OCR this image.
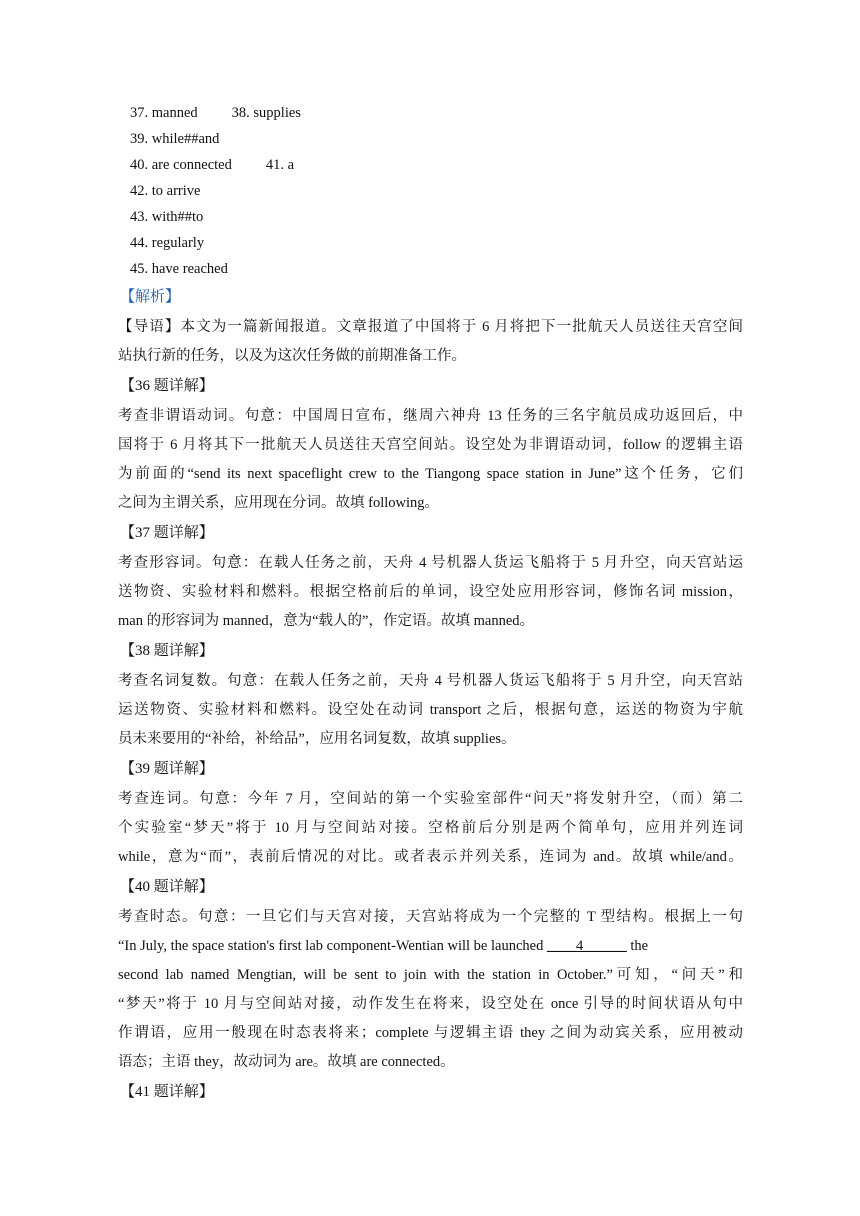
37. manned 38. supplies
39. while##and
40. are connected 41. a
42. to arrive
43. with##to
44. regularly
45. have reached
【解析】
【导语】本文为一篇新闻报道。文章报道了中国将于 6 月将把下一批航天人员送往天宫空间
站执行新的任务，以及为这次任务做的前期准备工作。
【36 题详解】
考查非谓语动词。句意：中国周日宣布，继周六神舟 13 任务的三名宇航员成功返回后，中
国将于 6 月将其下一批航天人员送往天宫空间站。设空处为非谓语动词，follow 的逻辑主语
为前面的“send its next spaceflight crew to the Tiangong space station in June”这个任务，它们
之间为主谓关系，应用现在分词。故填 following。
【37 题详解】
考查形容词。句意：在载人任务之前，天舟 4 号机器人货运飞船将于 5 月升空，向天宫站运
送物资、实验材料和燃料。根据空格前后的单词，设空处应用形容词，修饰名词 mission，
man 的形容词为 manned，意为“载人的”，作定语。故填 manned。
【38 题详解】
考查名词复数。句意：在载人任务之前，天舟 4 号机器人货运飞船将于 5 月升空，向天宫站
运送物资、实验材料和燃料。设空处在动词 transport 之后，根据句意，运送的物资为宇航
员未来要用的“补给，补给品”，应用名词复数，故填 supplies。
【39 题详解】
考查连词。句意：今年 7 月，空间站的第一个实验室部件“问天”将发射升空，（而）第二
个实验室“梦天”将于 10 月与空间站对接。空格前后分别是两个简单句，应用并列连词
while，意为“而”，表前后情况的对比。或者表示并列关系，连词为 and。故填 while/and。
【40 题详解】
考查时态。句意：一旦它们与天宫对接，天宫站将成为一个完整的 T 型结构。根据上一句
“In July, the space station's first lab component-Wentian will be launched ____4______ the
second lab named Mengtian, will be sent to join with the station in October.”可知，“问天”和
“梦天”将于 10 月与空间站对接，动作发生在将来，设空处在 once 引导的时间状语从句中
作谓语，应用一般现在时态表将来；complete 与逻辑主语 they 之间为动宾关系，应用被动
语态；主语 they，故动词为 are。故填 are connected。
【41 题详解】
